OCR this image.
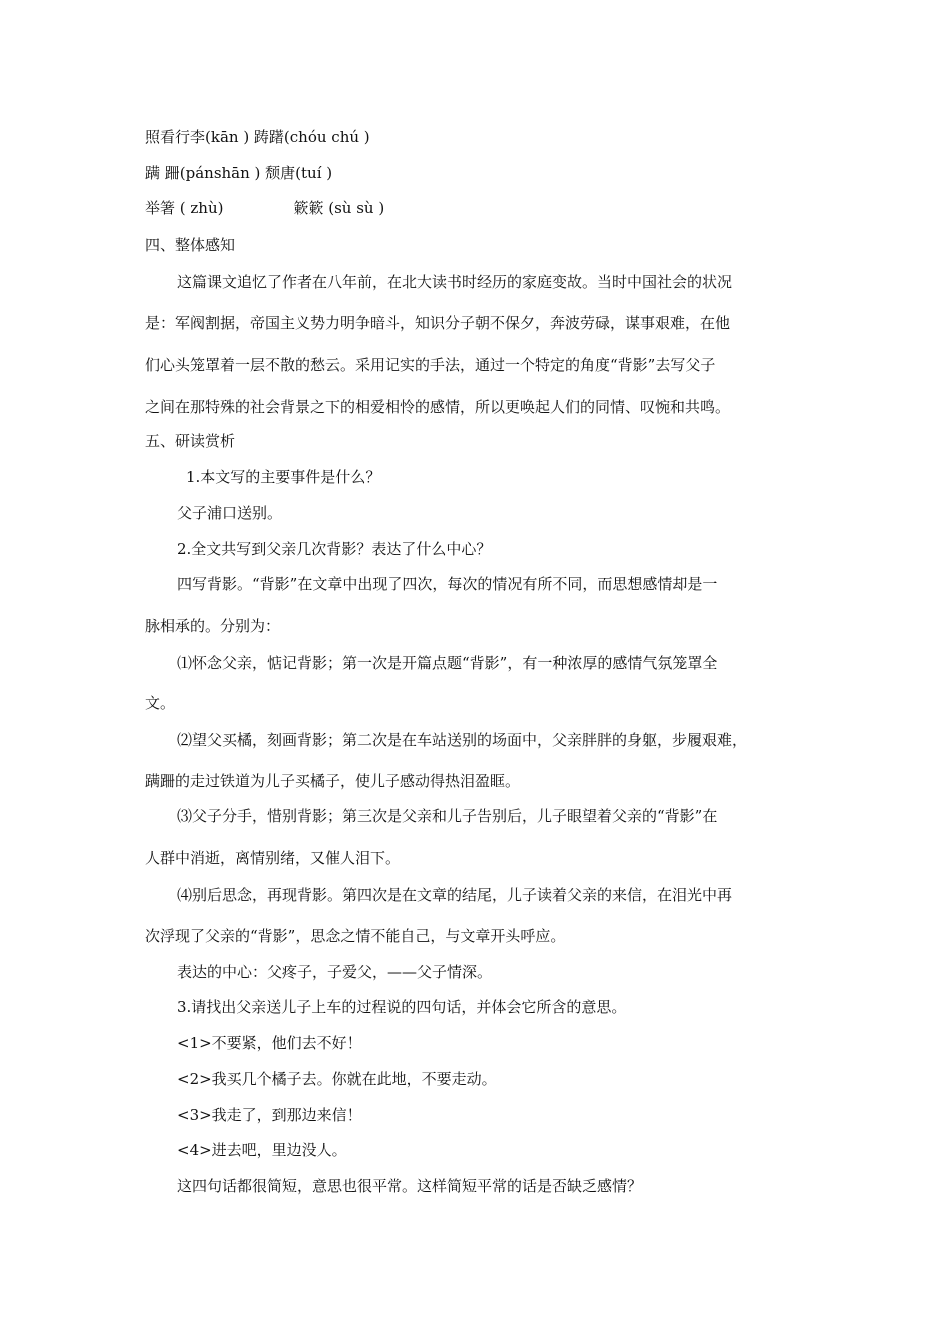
照看行李(kān ) 踌躇(chóu chú )
蹒 跚(pánshān ) 颓唐(tuí )
举箸 ( zhù)	簌簌 (sù sù )
四、整体感知
这篇课文追忆了作者在八年前，在北大读书时经历的家庭变故。当时中国社会的状况
是：军阀割据，帝国主义势力明争暗斗，知识分子朝不保夕，奔波劳碌，谋事艰难，在他
们心头笼罩着一层不散的愁云。采用记实的手法，通过一个特定的角度“背影”去写父子
之间在那特殊的社会背景之下的相爱相怜的感情，所以更唤起人们的同情、叹惋和共鸣。
五、研读赏析
1.本文写的主要事件是什么？
父子浦口送别。
2.全文共写到父亲几次背影？表达了什么中心？
四写背影。“背影”在文章中出现了四次，每次的情况有所不同，而思想感情却是一
脉相承的。分别为：
⑴怀念父亲，惦记背影；第一次是开篇点题“背影”，有一种浓厚的感情气氛笼罩全
文。
⑵望父买橘，刻画背影；第二次是在车站送别的场面中，父亲胖胖的身躯，步履艰难，
蹒跚的走过铁道为儿子买橘子，使儿子感动得热泪盈眶。
⑶父子分手，惜别背影；第三次是父亲和儿子告别后，儿子眼望着父亲的“背影”在
人群中消逝，离情别绪，又催人泪下。
⑷别后思念，再现背影。第四次是在文章的结尾，儿子读着父亲的来信，在泪光中再
次浮现了父亲的“背影”，思念之情不能自己，与文章开头呼应。
表达的中心：父疼子，子爱父，——父子情深。
3.请找出父亲送儿子上车的过程说的四句话，并体会它所含的意思。
<1>不要紧，他们去不好！
<2>我买几个橘子去。你就在此地，不要走动。
<3>我走了，到那边来信！
<4>进去吧，里边没人。
这四句话都很简短，意思也很平常。这样简短平常的话是否缺乏感情？
